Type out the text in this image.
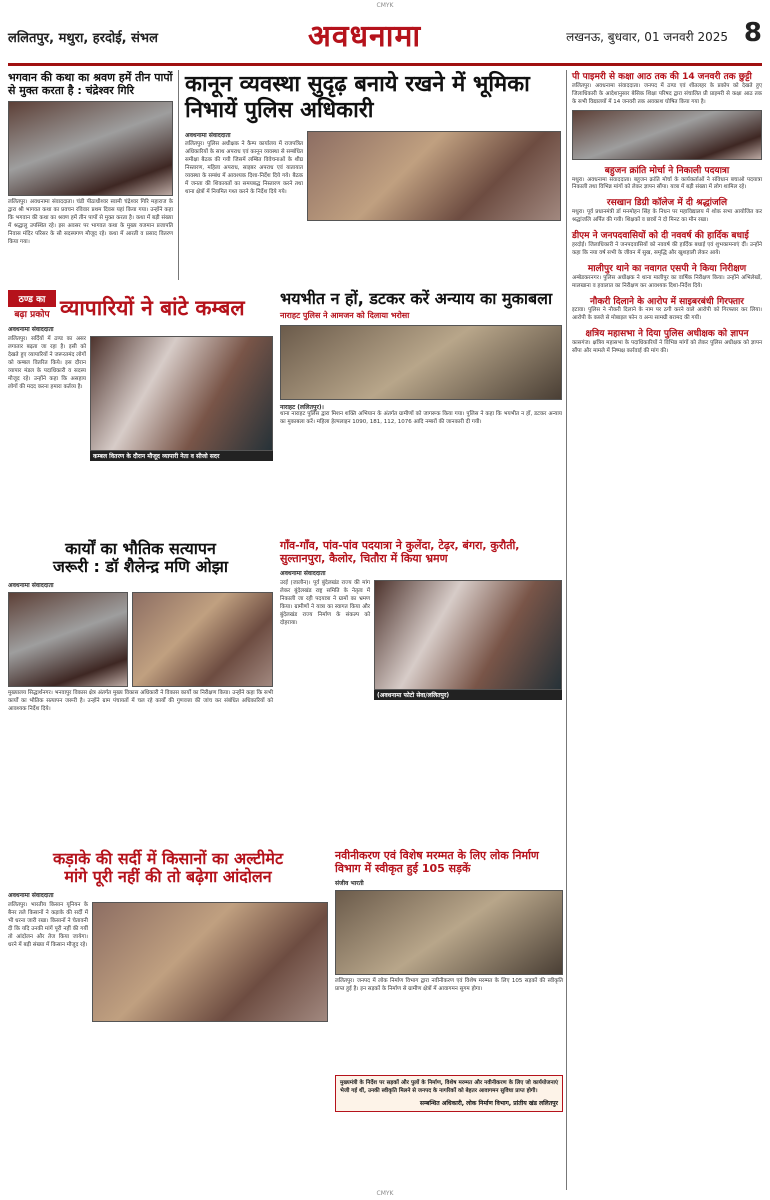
CMYK
ललितपुर, मथुरा, हरदोई, संभल	अवधनामा	लखनऊ, बुधवार, 01 जनवरी 2025 8
भगवान की कथा का श्रवण हमें तीन पापों से मुक्त करता है : चंद्रेश्वर गिरि
ललितपुर। अवधनामा संवाददाता। चंडी पीठाधीश्वर स्वामी चंद्रेश्वर गिरि महाराज के द्वारा श्री भागवत कथा का प्रवचन रविवार प्रथम दिवस यहां किया गया। उन्होंने कहा कि भगवान की कथा का श्रवण हमें तीन पापों से मुक्त करता है। कथा में बड़ी संख्या में श्रद्धालु उपस्थित रहे। इस अवसर पर भागवत कथा के मुख्य यजमान प्रजापति निवास मंदिर परिसर के सौ सदस्यगण मौजूद रहे। कथा में आरती व प्रसाद वितरण किया गया।
कानून व्यवस्था सुदृढ़ बनाये रखने में भूमिका निभायें पुलिस अधिकारी
अवधनामा संवाददाता
ललितपुर। पुलिस अधीक्षक ने कैम्प कार्यालय में राजपत्रित अधिकारियों के साथ अपराध एवं कानून व्यवस्था से सम्बंधित समीक्षा बैठक की गयी जिसमें लम्बित विवेचनाओं के शीघ्र निस्तारण, महिला अपराध, साइबर अपराध एवं यातायात व्यवस्था के सम्बंध में आवश्यक दिशा-निर्देश दिये गये। बैठक में जनता की शिकायतों का समयबद्ध निस्तारण करने तथा थाना क्षेत्रों में नियमित गश्त करने के निर्देश दिये गये।
ठण्ड का
बढ़ा प्रकोप व्यापारियों ने बांटे कम्बल
अवधनामा संवाददाता
ललितपुर। सर्दियों में ठण्ड का असर लगातार बढ़ता जा रहा है। इसी को देखते हुए व्यापारियों ने जरूरतमंद लोगों को कम्बल वितरित किये। इस दौरान व्यापार मंडल के पदाधिकारी व सदस्य मौजूद रहे। उन्होंने कहा कि असहाय लोगों की मदद करना हमारा कर्तव्य है।
कम्बल वितरण के दौरान मौजूद व्यापारी नेता व सीजो सदर
भयभीत न हों, डटकर करें अन्याय का मुकाबला
नाराहट पुलिस ने आमजन को दिलाया भरोसा
नाराहट (ललितपुर)।
थाना नाराहट पुलिस द्वारा मिशन शक्ति अभियान के अंतर्गत ग्रामीणों को जागरूक किया गया। पुलिस ने कहा कि भयभीत न हों, डटकर अन्याय का मुकाबला करें। महिला हेल्पलाइन 1090, 181, 112, 1076 आदि नम्बरों की जानकारी दी गयी।
कार्यों का भौतिक सत्यापन
जरूरी : डॉ शैलेन्द्र मणि ओझा
अवधनामा संवाददाता
मुख्यालय सिद्धार्थनगर। भनवापुर विकास क्षेत्र अंतर्गत मुख्य विकास अधिकारी ने विकास कार्यों का निरीक्षण किया। उन्होंने कहा कि सभी कार्यों का भौतिक सत्यापन जरूरी है। उन्होंने ग्राम पंचायतों में चल रहे कार्यों की गुणवत्ता की जांच कर संबंधित अधिकारियों को आवश्यक निर्देश दिये।
गाँव-गाँव, पांव-पांव पदयात्रा ने कुलेंदा, टेढ़र, बंगरा, कुरौती, सुल्तानपुरा, कैलोर, चितौरा में किया भ्रमण
अवधनामा संवाददाता
उरई (जालौन)। पूर्व बुंदेलखंड राज्य की मांग लेकर बुंदेलखंड राष्ट्र समिति के नेतृत्व में निकाली जा रही पदयात्रा ने ग्रामों का भ्रमण किया। ग्रामीणों ने यात्रा का स्वागत किया और बुंदेलखंड राज्य निर्माण के संकल्प को दोहराया।
(अवधनामा फोटो सेवा/ललितपुर)
कड़ाके की सर्दी में किसानों का अल्टीमेट
मांगे पूरी नहीं की तो बढ़ेगा आंदोलन
अवधनामा संवाददाता
ललितपुर। भारतीय किसान यूनियन के बैनर तले किसानों ने कड़ाके की सर्दी में भी धरना जारी रखा। किसानों ने चेतावनी दी कि यदि उनकी मांगें पूरी नहीं की गयीं तो आंदोलन और तेज किया जायेगा। धरने में बड़ी संख्या में किसान मौजूद रहे।
नवीनीकरण एवं विशेष मरम्मत के लिए लोक निर्माण विभाग में स्वीकृत हुई 105 सड़कें
संजीव भारती
ललितपुर। जनपद में लोक निर्माण विभाग द्वारा नवीनीकरण एवं विशेष मरम्मत के लिए 105 सड़कों की स्वीकृति प्राप्त हुई है। इन सड़कों के निर्माण से ग्रामीण क्षेत्रों में आवागमन सुगम होगा।
मुख्यमंत्री के निर्देश पर सड़कों और पुलों के निर्माण, विशेष मरम्मत और नवीनीकरण के लिए जो कार्ययोजनाएं भेजी गई थीं, उनकी स्वीकृति मिलने से जनपद के नागरिकों को बेहतर आवागमन सुविधा प्राप्त होगी।
सम्बन्धित अधिकारी, लोक निर्माण विभाग, प्रांतीय खंड ललितपुर
पी पाइमरी से कक्षा आठ तक की 14 जनवरी तक छुट्टी
ललितपुर। अवधनामा संवाददाता। जनपद में ठण्ड एवं शीतलहर के प्रकोप को देखते हुए जिलाधिकारी के आदेशानुसार बेसिक शिक्षा परिषद द्वारा संचालित प्री प्राइमरी से कक्षा आठ तक के सभी विद्यालयों में 14 जनवरी तक अवकाश घोषित किया गया है।
बहुजन क्रांति मोर्चा ने निकाली पदयात्रा
मथुरा। अवधनामा संवाददाता। बहुजन क्रांति मोर्चा के कार्यकर्ताओं ने संविधान बचाओ पदयात्रा निकाली तथा विभिन्न मांगों को लेकर ज्ञापन सौंपा। यात्रा में बड़ी संख्या में लोग शामिल रहे।
रसखान डिग्री कॉलेज में दी श्रद्धांजलि
मथुरा। पूर्व प्रधानमंत्री डॉ मनमोहन सिंह के निधन पर महाविद्यालय में शोक सभा आयोजित कर श्रद्धांजलि अर्पित की गयी। शिक्षकों व छात्रों ने दो मिनट का मौन रखा।
डीएम ने जनपदवासियों को दी नववर्ष की हार्दिक बधाई
हरदोई। जिलाधिकारी ने जनपदवासियों को नववर्ष की हार्दिक बधाई एवं शुभकामनाएं दीं। उन्होंने कहा कि नया वर्ष सभी के जीवन में सुख, समृद्धि और खुशहाली लेकर आये।
मालीपुर थाने का नवागत एसपी ने किया निरीक्षण
अम्बेडकरनगर। पुलिस अधीक्षक ने थाना मालीपुर का वार्षिक निरीक्षण किया। उन्होंने अभिलेखों, मालखाना व हवालात का निरीक्षण कर आवश्यक दिशा-निर्देश दिये।
नौकरी दिलाने के आरोप में साइबरबंधी गिरफ्तार
इटावा। पुलिस ने नौकरी दिलाने के नाम पर ठगी करने वाले आरोपी को गिरफ्तार कर लिया। आरोपी के कब्जे से मोबाइल फोन व अन्य सामग्री बरामद की गयी।
क्षत्रिय महासभा ने दिया पुलिस अधीक्षक को ज्ञापन
कासगंज। क्षत्रिय महासभा के पदाधिकारियों ने विभिन्न मांगों को लेकर पुलिस अधीक्षक को ज्ञापन सौंपा और मामले में निष्पक्ष कार्रवाई की मांग की।
CMYK
